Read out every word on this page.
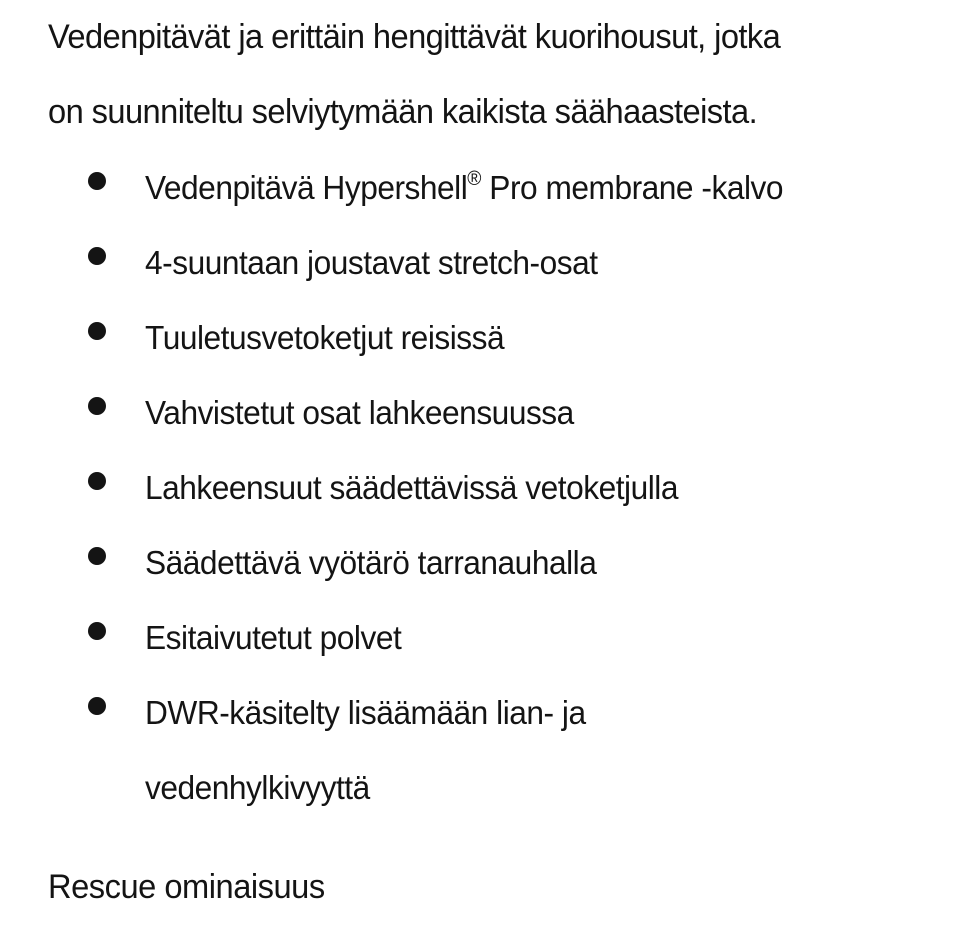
Vedenpitävät ja erittäin hengittävät kuorihousut, jotka
on suunniteltu selviytymään kaikista säähaasteista.

Vedenpitävä Hypershell® Pro membrane -kalvo
4-suuntaan joustavat stretch-osat
Tuuletusvetoketjut reisissä
Vahvistetut osat lahkeensuussa
Lahkeensuut säädettävissä vetoketjulla
Säädettävä vyötärö tarranauhalla
Esitaivutetut polvet
DWR-käsitelty lisäämään lian- ja
vedenhylkivyyttä

Rescue ominaisuus
